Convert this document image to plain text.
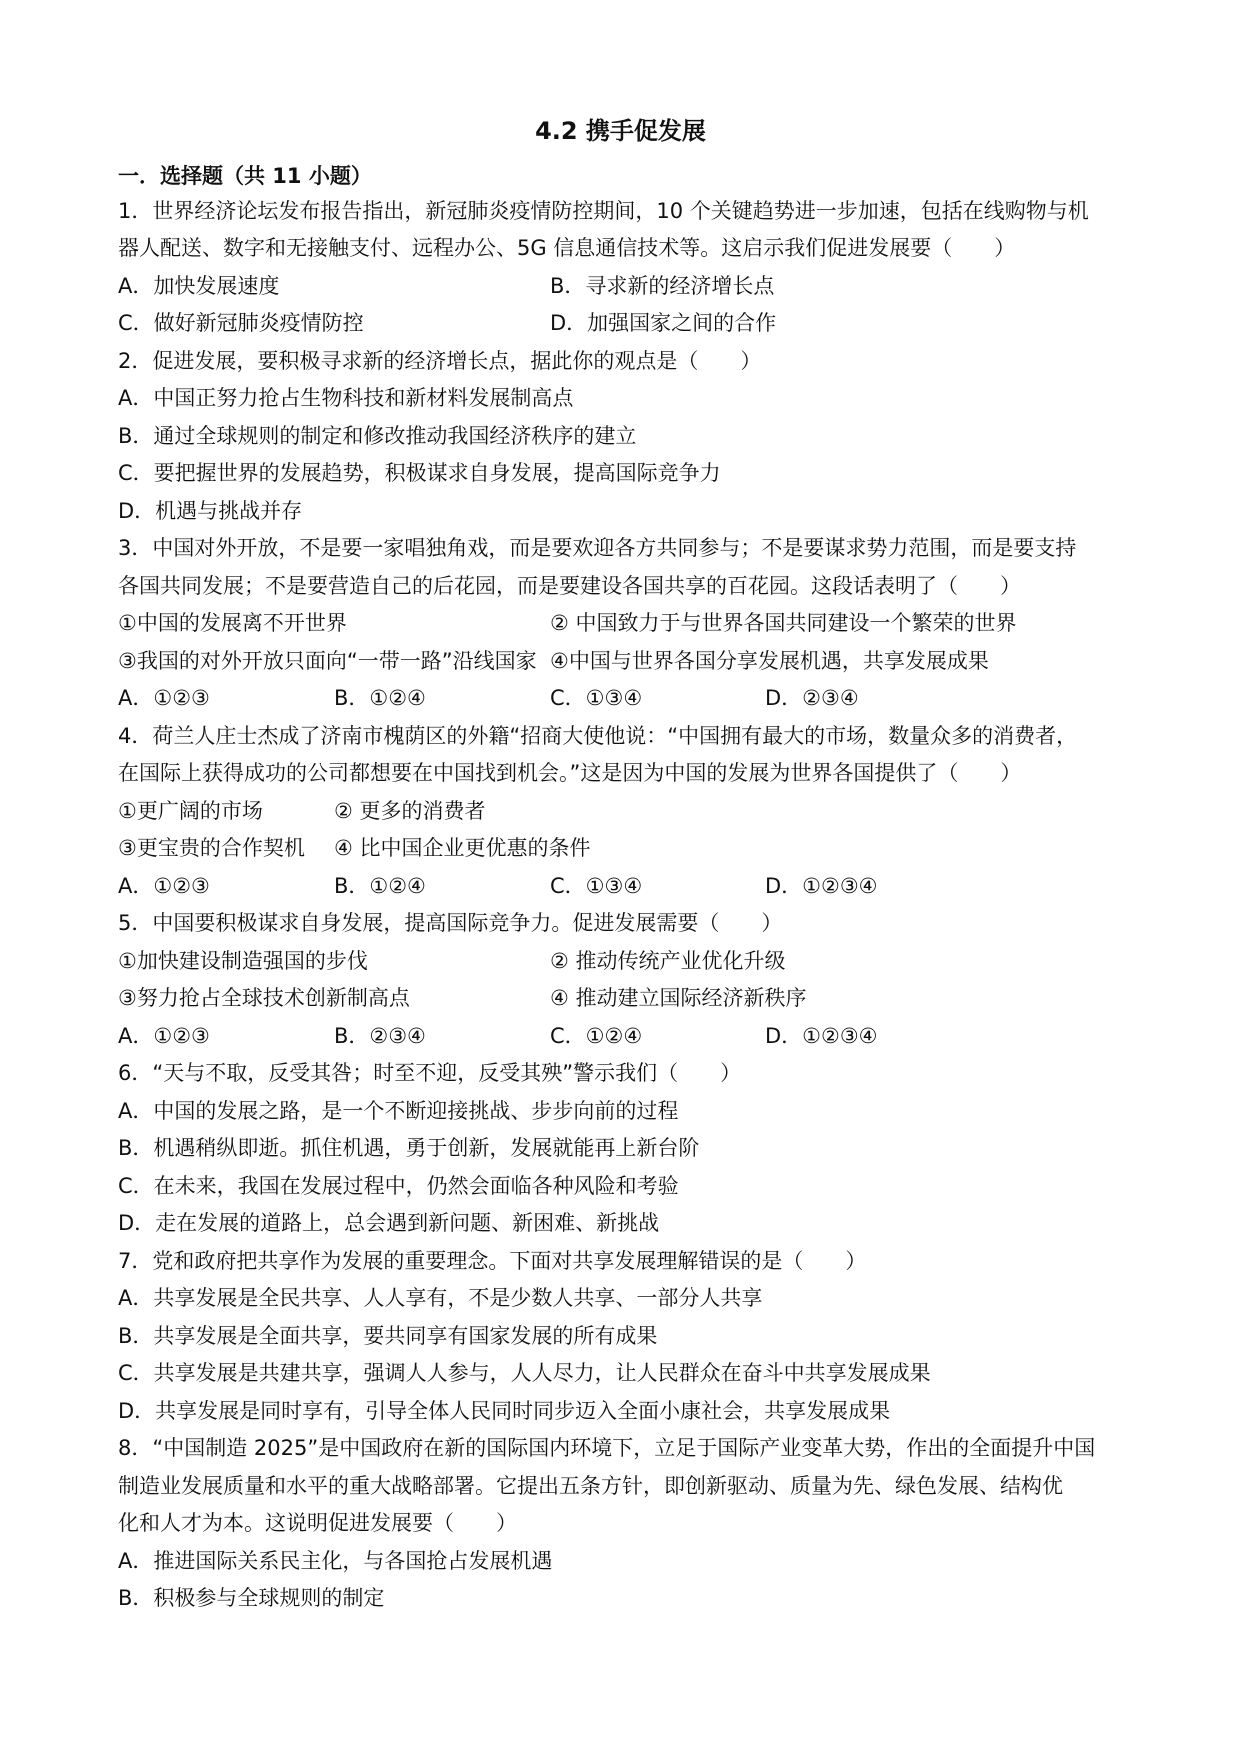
4.2 携手促发展
一．选择题（共 11 小题）
1．世界经济论坛发布报告指出，新冠肺炎疫情防控期间，10 个关键趋势进一步加速，包括在线购物与机
器人配送、数字和无接触支付、远程办公、5G 信息通信技术等。这启示我们促进发展要（　　）
A．加快发展速度	B．寻求新的经济增长点
C．做好新冠肺炎疫情防控	D．加强国家之间的合作
2．促进发展，要积极寻求新的经济增长点，据此你的观点是（　　）
A．中国正努力抢占生物科技和新材料发展制高点
B．通过全球规则的制定和修改推动我国经济秩序的建立
C．要把握世界的发展趋势，积极谋求自身发展，提高国际竞争力
D．机遇与挑战并存
3．中国对外开放，不是要一家唱独角戏，而是要欢迎各方共同参与；不是要谋求势力范围，而是要支持
各国共同发展；不是要营造自己的后花园，而是要建设各国共享的百花园。这段话表明了（　　）
①中国的发展离不开世界	② 中国致力于与世界各国共同建设一个繁荣的世界
③我国的对外开放只面向“一带一路”沿线国家 ④中国与世界各国分享发展机遇，共享发展成果
A．①②③	B．①②④	C．①③④	D．②③④
4．荷兰人庄士杰成了济南市槐荫区的外籍“招商大使他说：“中国拥有最大的市场，数量众多的消费者，
在国际上获得成功的公司都想要在中国找到机会。”这是因为中国的发展为世界各国提供了（　　）
①更广阔的市场	② 更多的消费者
③更宝贵的合作契机 ④ 比中国企业更优惠的条件
A．①②③	B．①②④	C．①③④	D．①②③④
5．中国要积极谋求自身发展，提高国际竞争力。促进发展需要（　　）
①加快建设制造强国的步伐	② 推动传统产业优化升级
③努力抢占全球技术创新制高点	④ 推动建立国际经济新秩序
A．①②③	B．②③④	C．①②④	D．①②③④
6．“天与不取，反受其咎；时至不迎，反受其殃”警示我们（　　）
A．中国的发展之路，是一个不断迎接挑战、步步向前的过程
B．机遇稍纵即逝。抓住机遇，勇于创新，发展就能再上新台阶
C．在未来，我国在发展过程中，仍然会面临各种风险和考验
D．走在发展的道路上，总会遇到新问题、新困难、新挑战
7．党和政府把共享作为发展的重要理念。下面对共享发展理解错误的是（　　）
A．共享发展是全民共享、人人享有，不是少数人共享、一部分人共享
B．共享发展是全面共享，要共同享有国家发展的所有成果
C．共享发展是共建共享，强调人人参与，人人尽力，让人民群众在奋斗中共享发展成果
D．共享发展是同时享有，引导全体人民同时同步迈入全面小康社会，共享发展成果
8．“中国制造 2025”是中国政府在新的国际国内环境下，立足于国际产业变革大势，作出的全面提升中国
制造业发展质量和水平的重大战略部署。它提出五条方针，即创新驱动、质量为先、绿色发展、结构优
化和人才为本。这说明促进发展要（　　）
A．推进国际关系民主化，与各国抢占发展机遇
B．积极参与全球规则的制定
